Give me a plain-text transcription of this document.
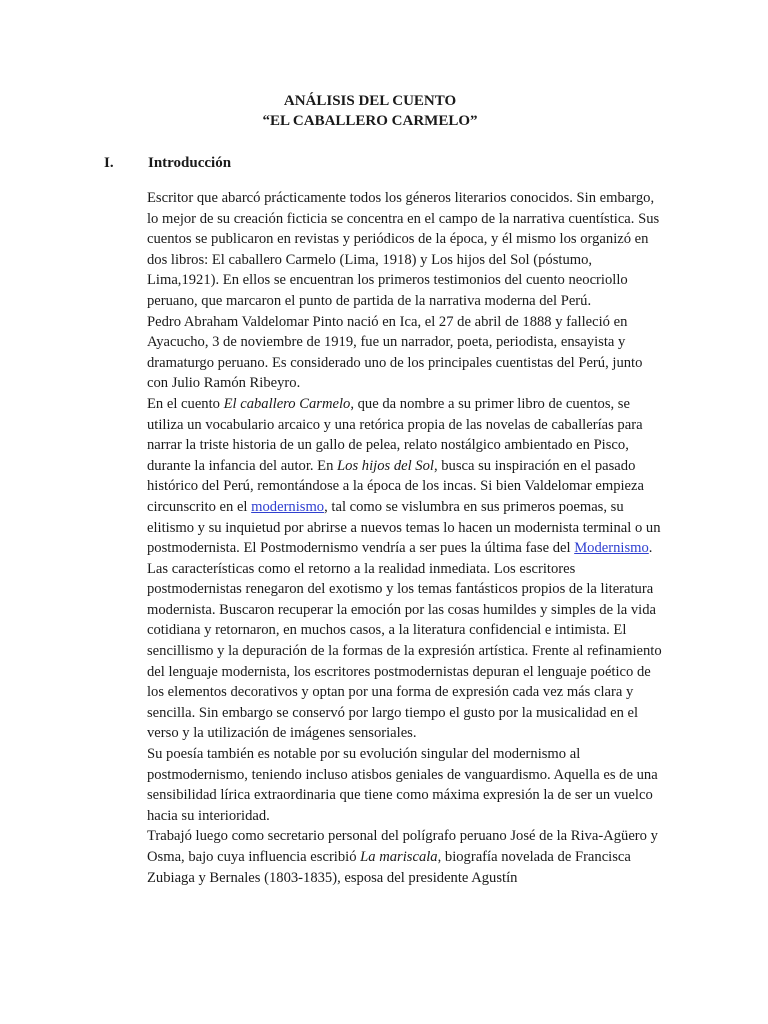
ANÁLISIS DEL CUENTO
“EL CABALLERO CARMELO”
I. Introducción

Escritor que abarcó prácticamente todos los géneros literarios conocidos. Sin embargo, lo mejor de su creación ficticia se concentra en el campo de la narrativa cuentística. Sus cuentos se publicaron en revistas y periódicos de la época, y él mismo los organizó en dos libros: El caballero Carmelo (Lima, 1918) y Los hijos del Sol (póstumo, Lima,1921). En ellos se encuentran los primeros testimonios del cuento neocriollo peruano, que marcaron el punto de partida de la narrativa moderna del Perú.

Pedro Abraham Valdelomar Pinto nació en Ica, el 27 de abril de 1888 y falleció en Ayacucho, 3 de noviembre de 1919, fue un narrador, poeta, periodista, ensayista y dramaturgo peruano. Es considerado uno de los principales cuentistas del Perú, junto con Julio Ramón Ribeyro.

En el cuento El caballero Carmelo, que da nombre a su primer libro de cuentos, se utiliza un vocabulario arcaico y una retórica propia de las novelas de caballerías para narrar la triste historia de un gallo de pelea, relato nostálgico ambientado en Pisco, durante la infancia del autor. En Los hijos del Sol, busca su inspiración en el pasado histórico del Perú, remontándose a la época de los incas. Si bien Valdelomar empieza circunscrito en el modernismo, tal como se vislumbra en sus primeros poemas, su elitismo y su inquietud por abrirse a nuevos temas lo hacen un modernista terminal o un postmodernista. El Postmodernismo vendría a ser pues la última fase del Modernismo.

Las características como el retorno a la realidad inmediata. Los escritores postmodernistas renegaron del exotismo y los temas fantásticos propios de la literatura modernista. Buscaron recuperar la emoción por las cosas humildes y simples de la vida cotidiana y retornaron, en muchos casos, a la literatura confidencial e intimista. El sencillismo y la depuración de la formas de la expresión artística. Frente al refinamiento del lenguaje modernista, los escritores postmodernistas depuran el lenguaje poético de los elementos decorativos y optan por una forma de expresión cada vez más clara y sencilla. Sin embargo se conservó por largo tiempo el gusto por la musicalidad en el verso y la utilización de imágenes sensoriales.

Su poesía también es notable por su evolución singular del modernismo al postmodernismo, teniendo incluso atisbos geniales de vanguardismo. Aquella es de una sensibilidad lírica extraordinaria que tiene como máxima expresión la de ser un vuelco hacia su interioridad.

Trabajó luego como secretario personal del polígrafo peruano José de la Riva-Agüero y Osma, bajo cuya influencia escribió La mariscala, biografía novelada de Francisca Zubiaga y Bernales (1803-1835), esposa del presidente Agustín
